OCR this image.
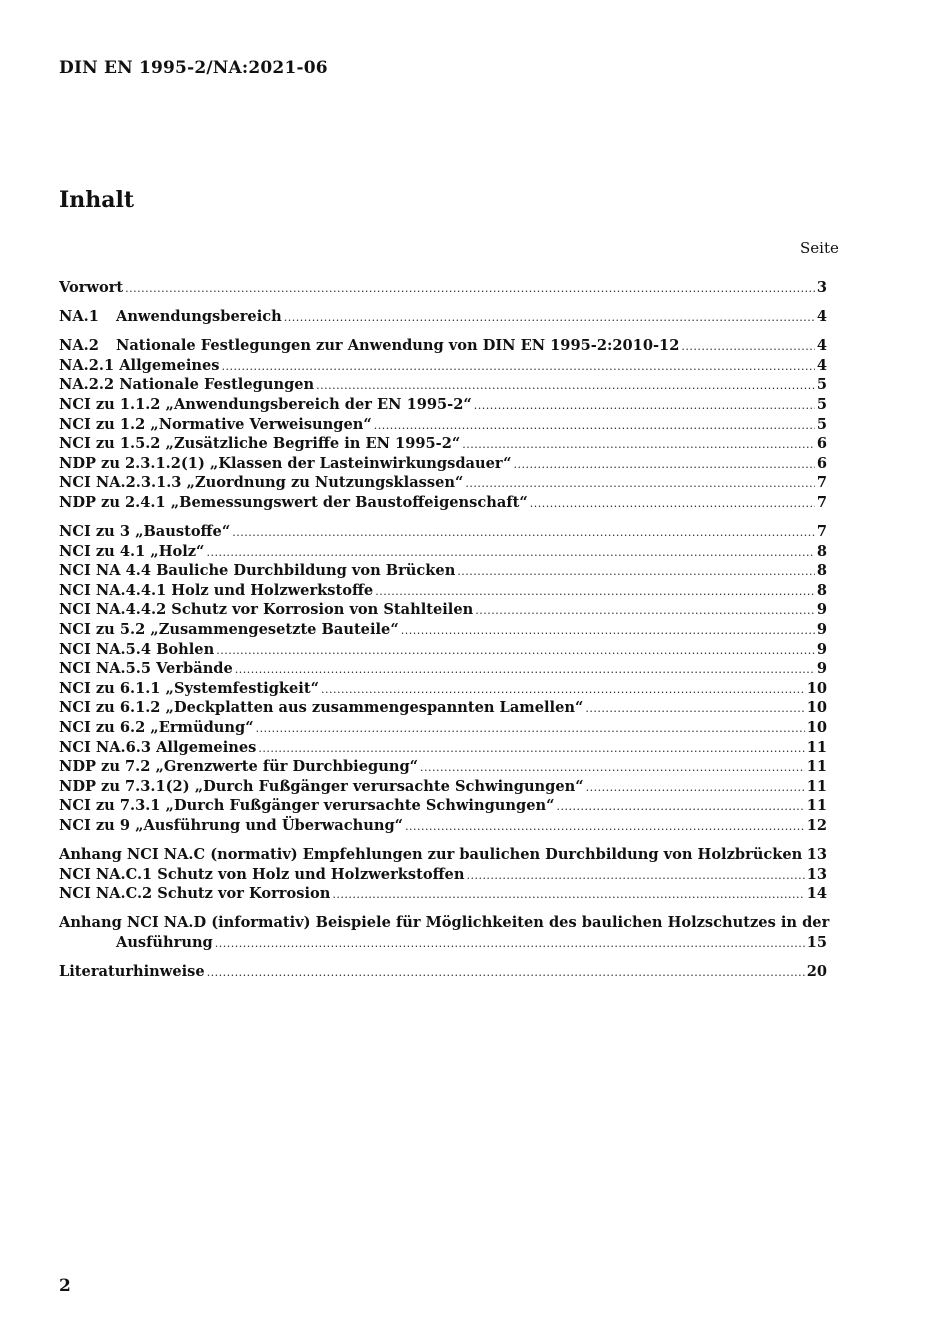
DIN EN 1995-2/NA:2021-06
Inhalt
Seite
Vorwort .....	3
NA.1 Anwendungsbereich .....	4
NA.2 Nationale Festlegungen zur Anwendung von DIN EN 1995-2:2010-12 .....	4
NA.2.1 Allgemeines .....	4
NA.2.2 Nationale Festlegungen .....	5
NCI zu 1.1.2 „Anwendungsbereich der EN 1995-2“ .....	5
NCI zu 1.2 „Normative Verweisungen“ .....	5
NCI zu 1.5.2 „Zusätzliche Begriffe in EN 1995-2“ .....	6
NDP zu 2.3.1.2(1) „Klassen der Lasteinwirkungsdauer“ .....	6
NCI NA.2.3.1.3 „Zuordnung zu Nutzungsklassen“ .....	7
NDP zu 2.4.1 „Bemessungswert der Baustoffeigenschaft“ .....	7
NCI zu 3 „Baustoffe“ .....	7
NCI zu 4.1 „Holz“ .....	8
NCI NA 4.4 Bauliche Durchbildung von Brücken .....	8
NCI NA.4.4.1 Holz und Holzwerkstoffe .....	8
NCI NA.4.4.2 Schutz vor Korrosion von Stahlteilen .....	9
NCI zu 5.2 „Zusammengesetzte Bauteile“ .....	9
NCI NA.5.4 Bohlen .....	9
NCI NA.5.5 Verbände .....	9
NCI zu 6.1.1 „Systemfestigkeit“ .....	10
NCI zu 6.1.2 „Deckplatten aus zusammengespannten Lamellen“ .....	10
NCI zu 6.2 „Ermüdung“ .....	10
NCI NA.6.3 Allgemeines .....	11
NDP zu 7.2 „Grenzwerte für Durchbiegung“ .....	11
NDP zu 7.3.1(2) „Durch Fußgänger verursachte Schwingungen“ .....	11
NCI zu 7.3.1 „Durch Fußgänger verursachte Schwingungen“ .....	11
NCI zu 9 „Ausführung und Überwachung“ .....	12
Anhang NCI NA.C (normativ) Empfehlungen zur baulichen Durchbildung von Holzbrücken ..... 13
NCI NA.C.1 Schutz von Holz und Holzwerkstoffen .....	13
NCI NA.C.2 Schutz vor Korrosion .....	14
Anhang NCI NA.D (informativ) Beispiele für Möglichkeiten des baulichen Holzschutzes in der
Ausführung .....	15
Literaturhinweise .....	20
2
